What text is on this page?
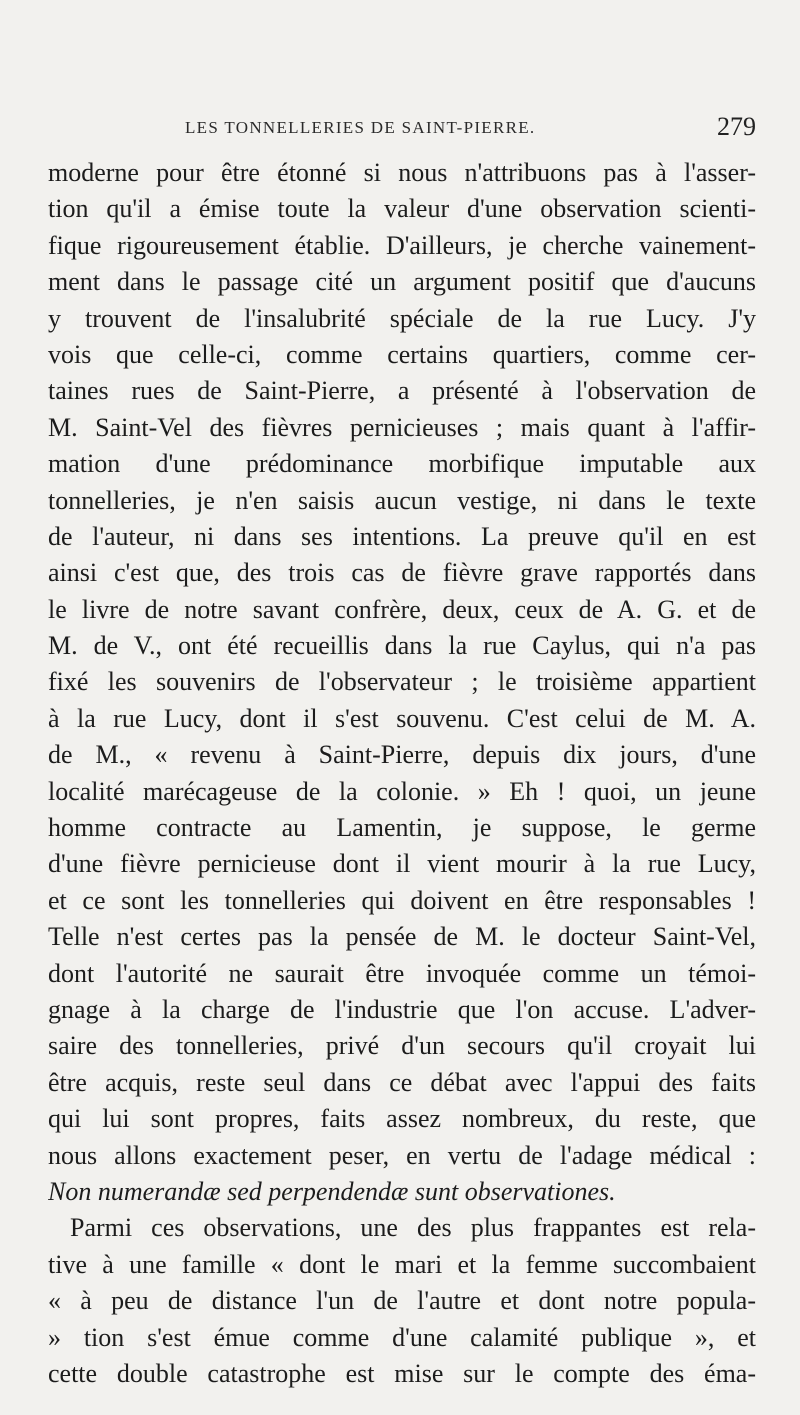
LES TONNELLERIES DE SAINT-PIERRE.	279
moderne pour être étonné si nous n'attribuons pas à l'asser-
tion qu'il a émise toute la valeur d'une observation scienti-
fique rigoureusement établie. D'ailleurs, je cherche vainement-
ment dans le passage cité un argument positif que d'aucuns
y trouvent de l'insalubrité spéciale de la rue Lucy. J'y
vois que celle-ci, comme certains quartiers, comme cer-
taines rues de Saint-Pierre, a présenté à l'observation de
M. Saint-Vel des fièvres pernicieuses ; mais quant à l'affir-
mation d'une prédominance morbifique imputable aux
tonnelleries, je n'en saisis aucun vestige, ni dans le texte
de l'auteur, ni dans ses intentions. La preuve qu'il en est
ainsi c'est que, des trois cas de fièvre grave rapportés dans
le livre de notre savant confrère, deux, ceux de A. G. et de
M. de V., ont été recueillis dans la rue Caylus, qui n'a pas
fixé les souvenirs de l'observateur ; le troisième appartient
à la rue Lucy, dont il s'est souvenu. C'est celui de M. A.
de M., « revenu à Saint-Pierre, depuis dix jours, d'une
localité marécageuse de la colonie. » Eh ! quoi, un jeune
homme contracte au Lamentin, je suppose, le germe
d'une fièvre pernicieuse dont il vient mourir à la rue Lucy,
et ce sont les tonnelleries qui doivent en être responsables !
Telle n'est certes pas la pensée de M. le docteur Saint-Vel,
dont l'autorité ne saurait être invoquée comme un témoi-
gnage à la charge de l'industrie que l'on accuse. L'adver-
saire des tonnelleries, privé d'un secours qu'il croyait lui
être acquis, reste seul dans ce débat avec l'appui des faits
qui lui sont propres, faits assez nombreux, du reste, que
nous allons exactement peser, en vertu de l'adage médical :
Non numerandæ sed perpendendæ sunt observationes.
Parmi ces observations, une des plus frappantes est rela-
tive à une famille « dont le mari et la femme succombaient
« à peu de distance l'un de l'autre et dont notre popula-
» tion s'est émue comme d'une calamité publique », et
cette double catastrophe est mise sur le compte des éma-
